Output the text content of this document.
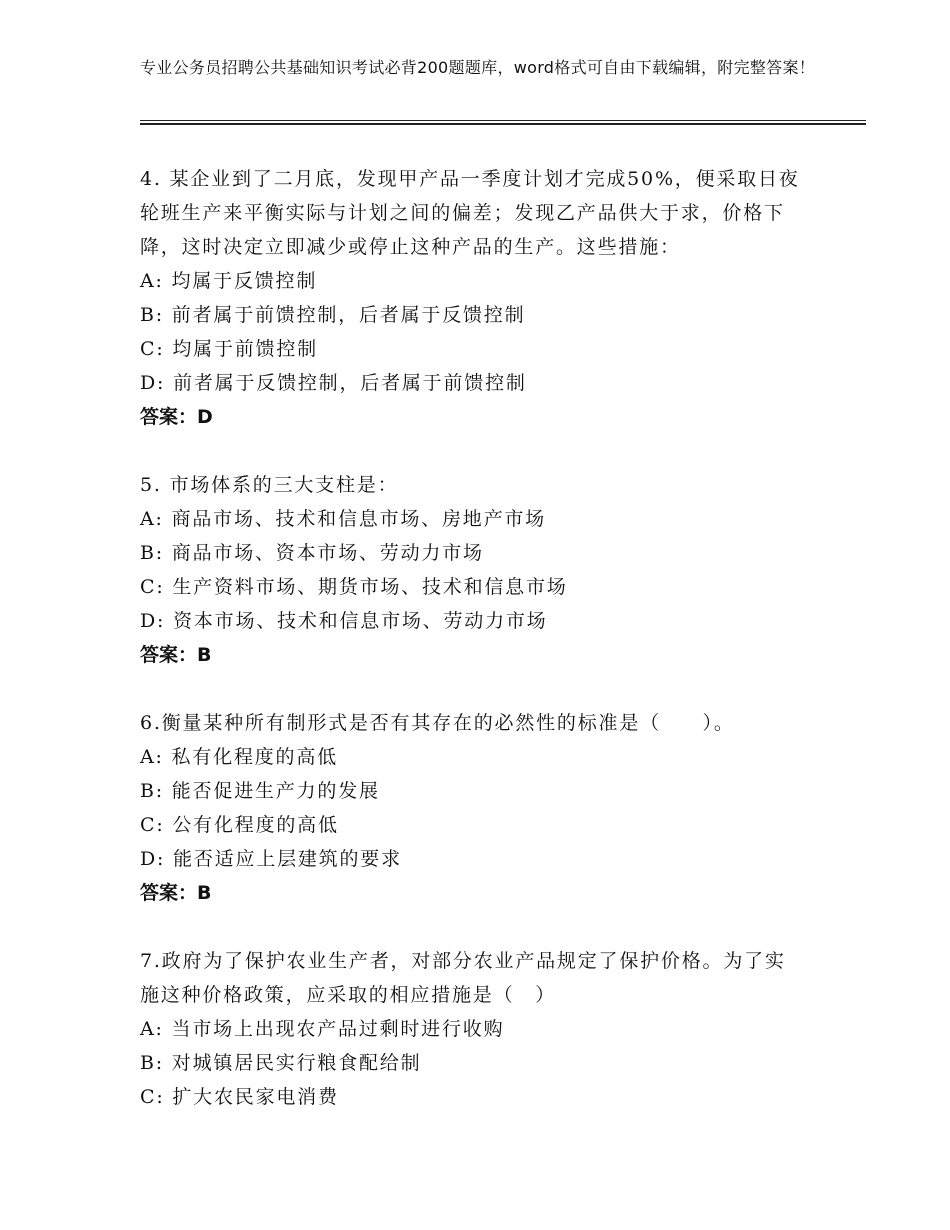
专业公务员招聘公共基础知识考试必背200题题库，word格式可自由下载编辑，附完整答案！

4. 某企业到了二月底，发现甲产品一季度计划才完成50%，便采取日夜轮班生产来平衡实际与计划之间的偏差；发现乙产品供大于求，价格下降，这时决定立即减少或停止这种产品的生产。这些措施：

A: 均属于反馈控制

B: 前者属于前馈控制，后者属于反馈控制

C: 均属于前馈控制

D: 前者属于反馈控制，后者属于前馈控制

答案：D

5. 市场体系的三大支柱是：

A: 商品市场、技术和信息市场、房地产市场

B: 商品市场、资本市场、劳动力市场

C: 生产资料市场、期货市场、技术和信息市场

D: 资本市场、技术和信息市场、劳动力市场

答案：B

6.衡量某种所有制形式是否有其存在的必然性的标准是（　　）。

A: 私有化程度的高低

B: 能否促进生产力的发展

C: 公有化程度的高低

D: 能否适应上层建筑的要求

答案：B

7.政府为了保护农业生产者，对部分农业产品规定了保护价格。为了实施这种价格政策，应采取的相应措施是（　）

A: 当市场上出现农产品过剩时进行收购

B: 对城镇居民实行粮食配给制

C: 扩大农民家电消费
